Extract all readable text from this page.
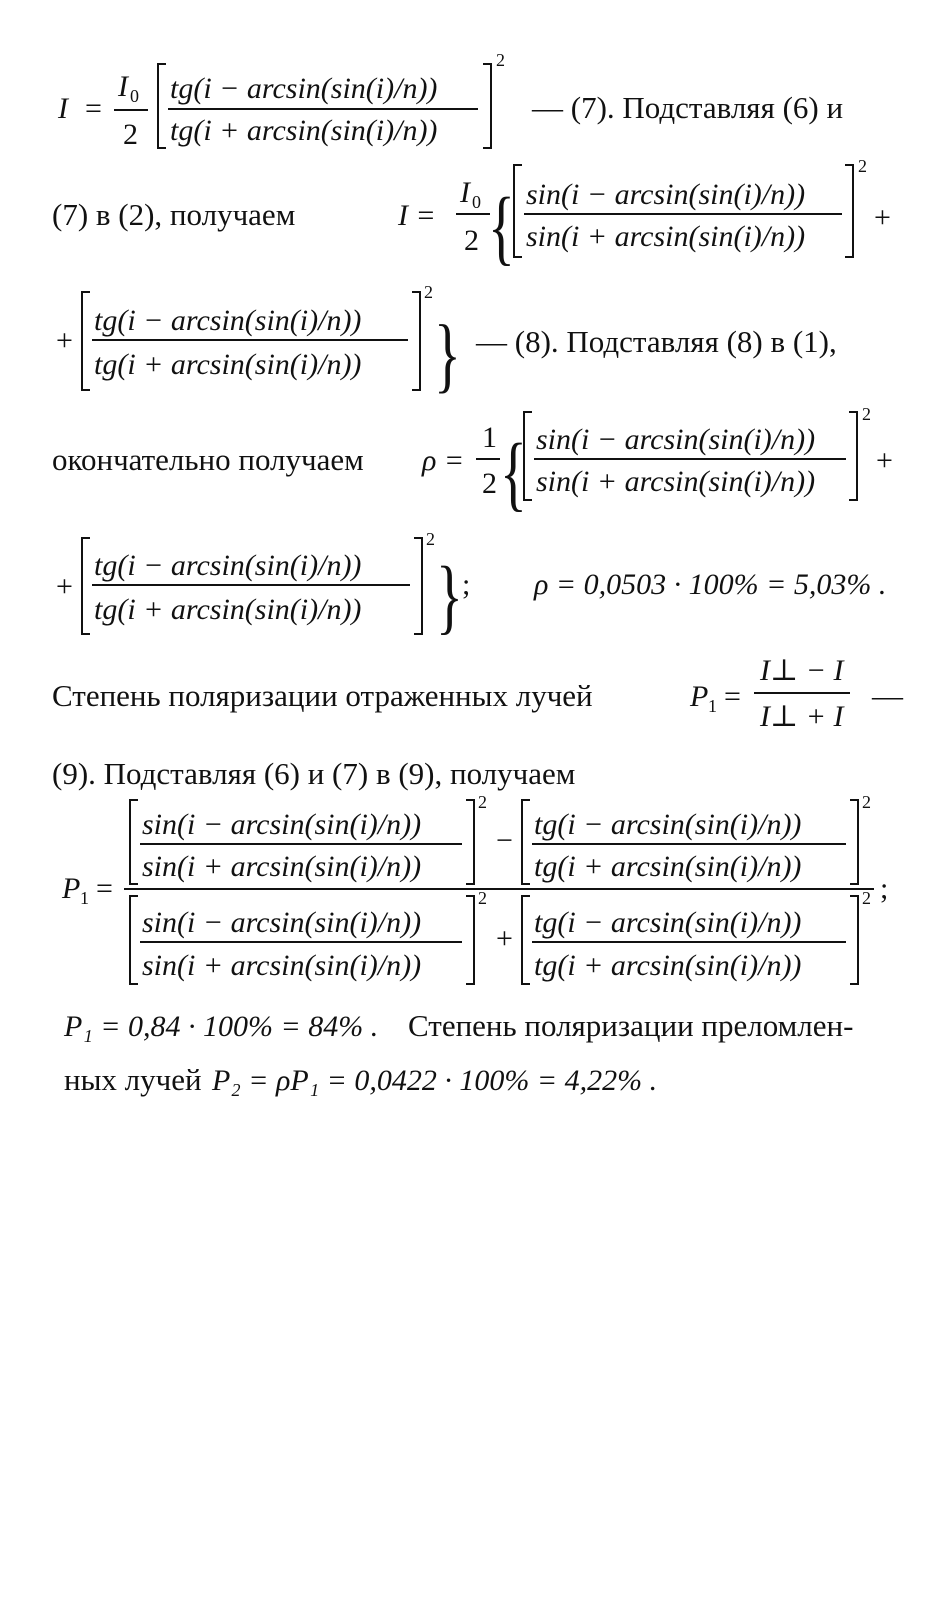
I =
I 0
2
tg(i − arcsin(sin(i)/n))
tg(i + arcsin(sin(i)/n))
2
— (7). Подставляя (6) и
(7) в (2), получаем	I =
I 0
2 { sin(i − arcsin(sin(i)/n))
sin(i + arcsin(sin(i)/n))
2
+
+
tg(i − arcsin(sin(i)/n))
tg(i + arcsin(sin(i)/n))
2
} — (8). Подставляя (8) в (1),
окончательно получаем ρ =
1
2 { sin(i − arcsin(sin(i)/n))
sin(i + arcsin(sin(i)/n))
2
+
+
tg(i − arcsin(sin(i)/n))
tg(i + arcsin(sin(i)/n))
2
} ; ρ = 0,0503 · 100% = 5,03% .
Степень поляризации отраженных лучей	P 1 =
I⊥ − I
I⊥ + I
—
(9). Подставляя (6) и (7) в (9), получаем
P 1 =
sin(i − arcsin(sin(i)/n))
sin(i + arcsin(sin(i)/n))
2
− tg(i − arcsin(sin(i)/n))
tg(i + arcsin(sin(i)/n))
2
;
sin(i − arcsin(sin(i)/n))
sin(i + arcsin(sin(i)/n))
2
+ tg(i − arcsin(sin(i)/n))
tg(i + arcsin(sin(i)/n))
2
P₁ = 0,84 · 100% = 84% . Степень поляризации преломлен-
ных лучей P₂ = ρP₁ = 0,0422 · 100% = 4,22% .
